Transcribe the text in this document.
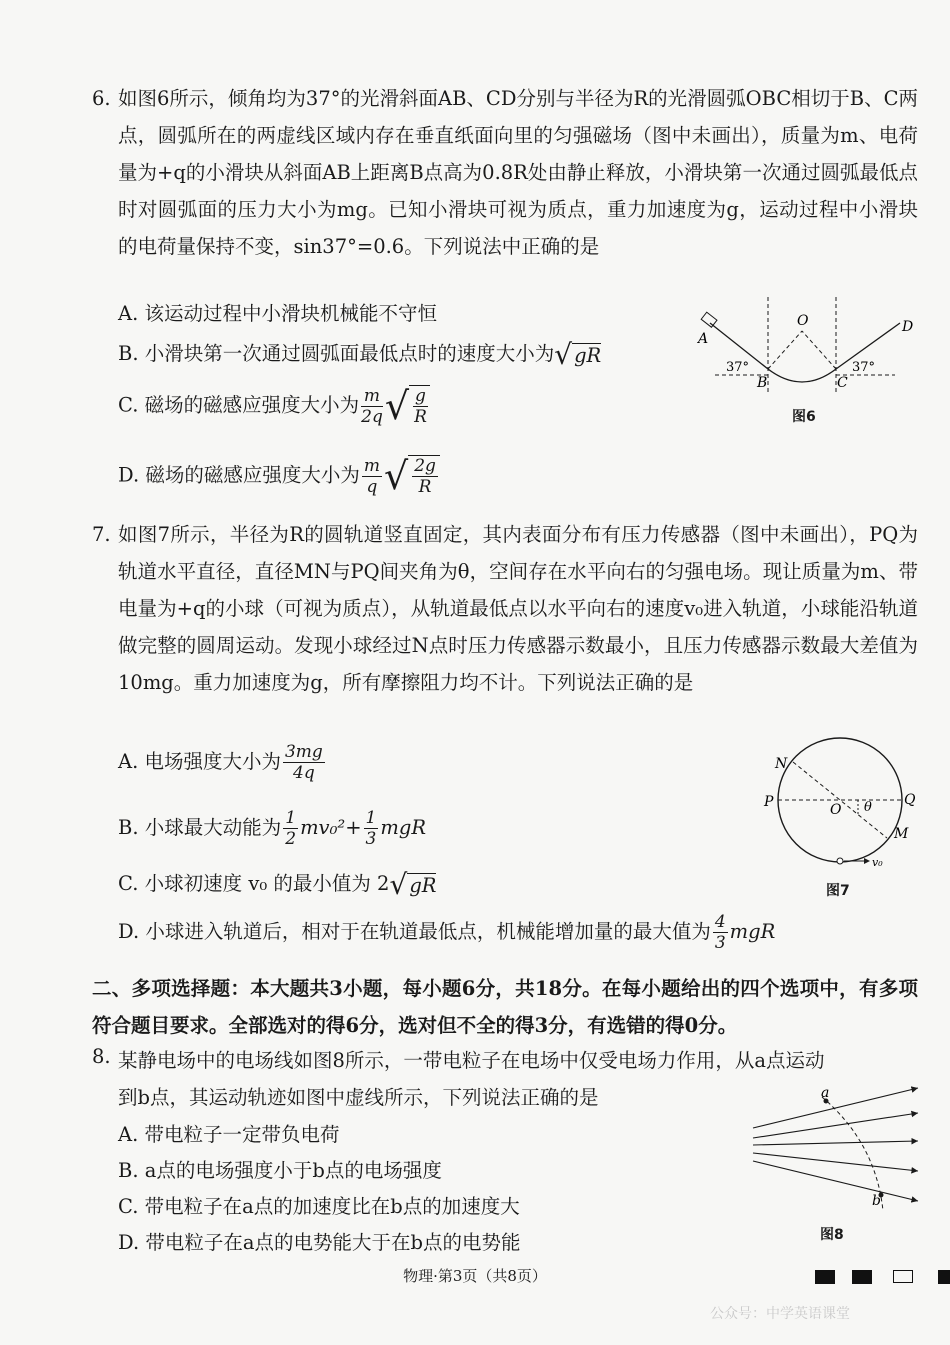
6. 如图6所示，倾角均为37°的光滑斜面AB、CD分别与半径为R的光滑圆弧OBC相切于B、C两点，圆弧所在的两虚线区域内存在垂直纸面向里的匀强磁场（图中未画出），质量为m、电荷量为+q的小滑块从斜面AB上距离B点高为0.8R处由静止释放，小滑块第一次通过圆弧最低点时对圆弧面的压力大小为mg。已知小滑块可视为质点，重力加速度为g，运动过程中小滑块的电荷量保持不变，sin37°=0.6。下列说法中正确的是
A. 该运动过程中小滑块机械能不守恒
B. 小滑块第一次通过圆弧面最低点时的速度大小为 √ gR
C. 磁场的磁感应强度大小为 $\frac{m}{2q}$ √ $\frac{g}{R}$
D. 磁场的磁感应强度大小为 $\frac{m}{q}$ √ $\frac{2g}{R}$
A
B	C
D
O
37°	37°
图6
7. 如图7所示，半径为R的圆轨道竖直固定，其内表面分布有压力传感器（图中未画出），PQ为轨道水平直径，直径MN与PQ间夹角为θ，空间存在水平向右的匀强电场。现让质量为m、带电量为+q的小球（可视为质点），从轨道最低点以水平向右的速度v₀进入轨道，小球能沿轨道做完整的圆周运动。发现小球经过N点时压力传感器示数最小，且压力传感器示数最大差值为10mg。重力加速度为g，所有摩擦阻力均不计。下列说法正确的是
A. 电场强度大小为 $\frac{3mg}{4q}$
B. 小球最大动能为 $\frac{1}{2} mv_0^2+ \frac{1}{3}$ mgR
C. 小球初速度 v₀ 的最小值为 2 √ gR
D. 小球进入轨道后，相对于在轨道最低点，机械能增加量的最大值为 $\frac{4}{3}$ mgR
N
P	Q
O θ
M
v₀
图7
二、多项选择题：本大题共3小题，每小题6分，共18分。在每小题给出的四个选项中，有多项符合题目要求。全部选对的得6分，选对但不全的得3分，有选错的得0分。
8. 某静电场中的电场线如图8所示，一带电粒子在电场中仅受电场力作用，从a点运动
到b点，其运动轨迹如图中虚线所示，下列说法正确的是
A. 带电粒子一定带负电荷
B. a点的电场强度小于b点的电场强度
C. 带电粒子在a点的加速度比在b点的加速度大
D. 带电粒子在a点的电势能大于在b点的电势能
a
b
图8
物理·第3页（共8页）
公众号：中学英语课堂
